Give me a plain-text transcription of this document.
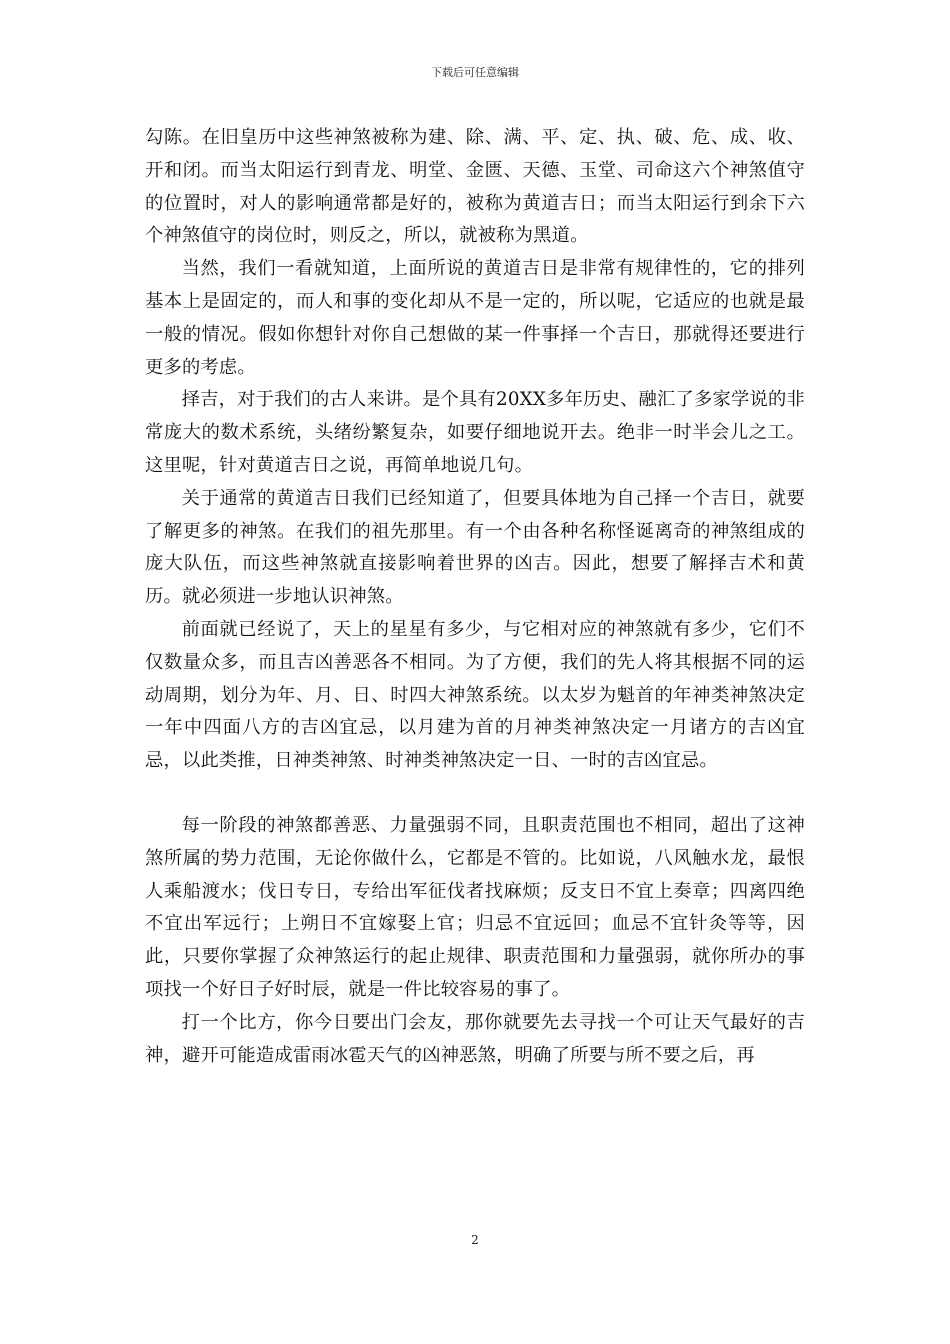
下载后可任意编辑

勾陈。在旧皇历中这些神煞被称为建、除、满、平、定、执、破、危、成、收、开和闭。而当太阳运行到青龙、明堂、金匮、天德、玉堂、司命这六个神煞值守的位置时，对人的影响通常都是好的，被称为黄道吉日；而当太阳运行到余下六个神煞值守的岗位时，则反之，所以，就被称为黑道。

当然，我们一看就知道，上面所说的黄道吉日是非常有规律性的，它的排列基本上是固定的，而人和事的变化却从不是一定的，所以呢，它适应的也就是最一般的情况。假如你想针对你自己想做的某一件事择一个吉日，那就得还要进行更多的考虑。

择吉，对于我们的古人来讲。是个具有20XX多年历史、融汇了多家学说的非常庞大的数术系统，头绪纷繁复杂，如要仔细地说开去。绝非一时半会儿之工。这里呢，针对黄道吉日之说，再简单地说几句。

关于通常的黄道吉日我们已经知道了，但要具体地为自己择一个吉日，就要了解更多的神煞。在我们的祖先那里。有一个由各种名称怪诞离奇的神煞组成的庞大队伍，而这些神煞就直接影响着世界的凶吉。因此，想要了解择吉术和黄历。就必须进一步地认识神煞。

前面就已经说了，天上的星星有多少，与它相对应的神煞就有多少，它们不仅数量众多，而且吉凶善恶各不相同。为了方便，我们的先人将其根据不同的运动周期，划分为年、月、日、时四大神煞系统。以太岁为魁首的年神类神煞决定一年中四面八方的吉凶宜忌，以月建为首的月神类神煞决定一月诸方的吉凶宜忌，以此类推，日神类神煞、时神类神煞决定一日、一时的吉凶宜忌。

每一阶段的神煞都善恶、力量强弱不同，且职责范围也不相同，超出了这神煞所属的势力范围，无论你做什么，它都是不管的。比如说，八风触水龙，最恨人乘船渡水；伐日专日，专给出军征伐者找麻烦；反支日不宜上奏章；四离四绝不宜出军远行；上朔日不宜嫁娶上官；归忌不宜远回；血忌不宜针灸等等，因此，只要你掌握了众神煞运行的起止规律、职责范围和力量强弱，就你所办的事项找一个好日子好时辰，就是一件比较容易的事了。

打一个比方，你今日要出门会友，那你就要先去寻找一个可让天气最好的吉神，避开可能造成雷雨冰雹天气的凶神恶煞，明确了所要与所不要之后，再

2
